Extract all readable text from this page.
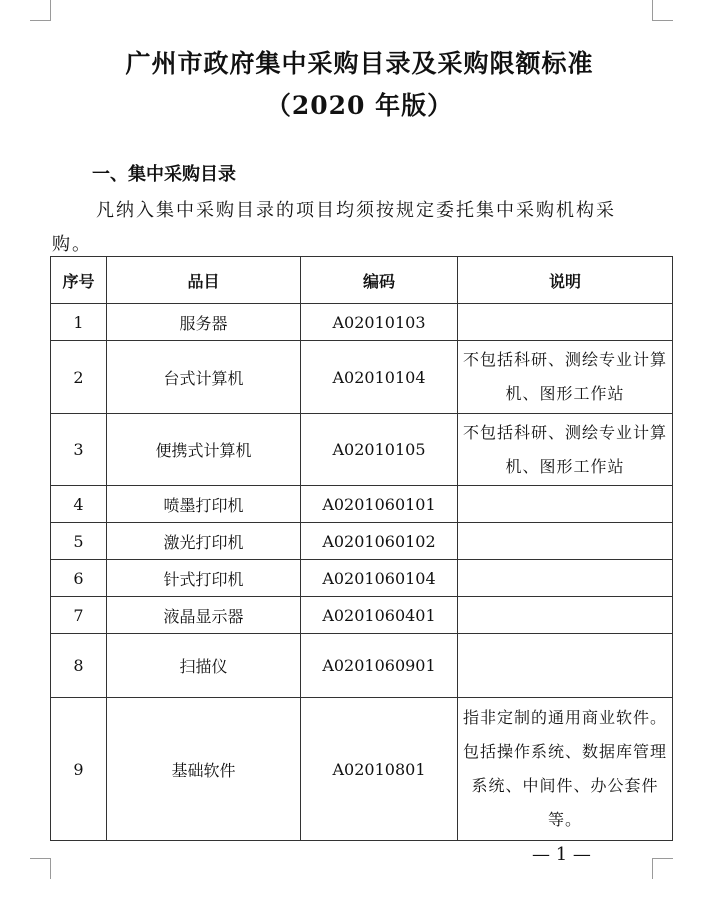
广州市政府集中采购目录及采购限额标准
（2020 年版）
一、集中采购目录
凡纳入集中采购目录的项目均须按规定委托集中采购机构采购。
序号	品目	编码	说明
1	服务器	A02010103	
2	台式计算机	A02010104	不包括科研、测绘专业计算机、图形工作站
3	便携式计算机	A02010105	不包括科研、测绘专业计算机、图形工作站
4	喷墨打印机	A0201060101	
5	激光打印机	A0201060102	
6	针式打印机	A0201060104	
7	液晶显示器	A0201060401	
8	扫描仪	A0201060901	
9	基础软件	A02010801	指非定制的通用商业软件。包括操作系统、数据库管理系统、中间件、办公套件等。
— 1 —
